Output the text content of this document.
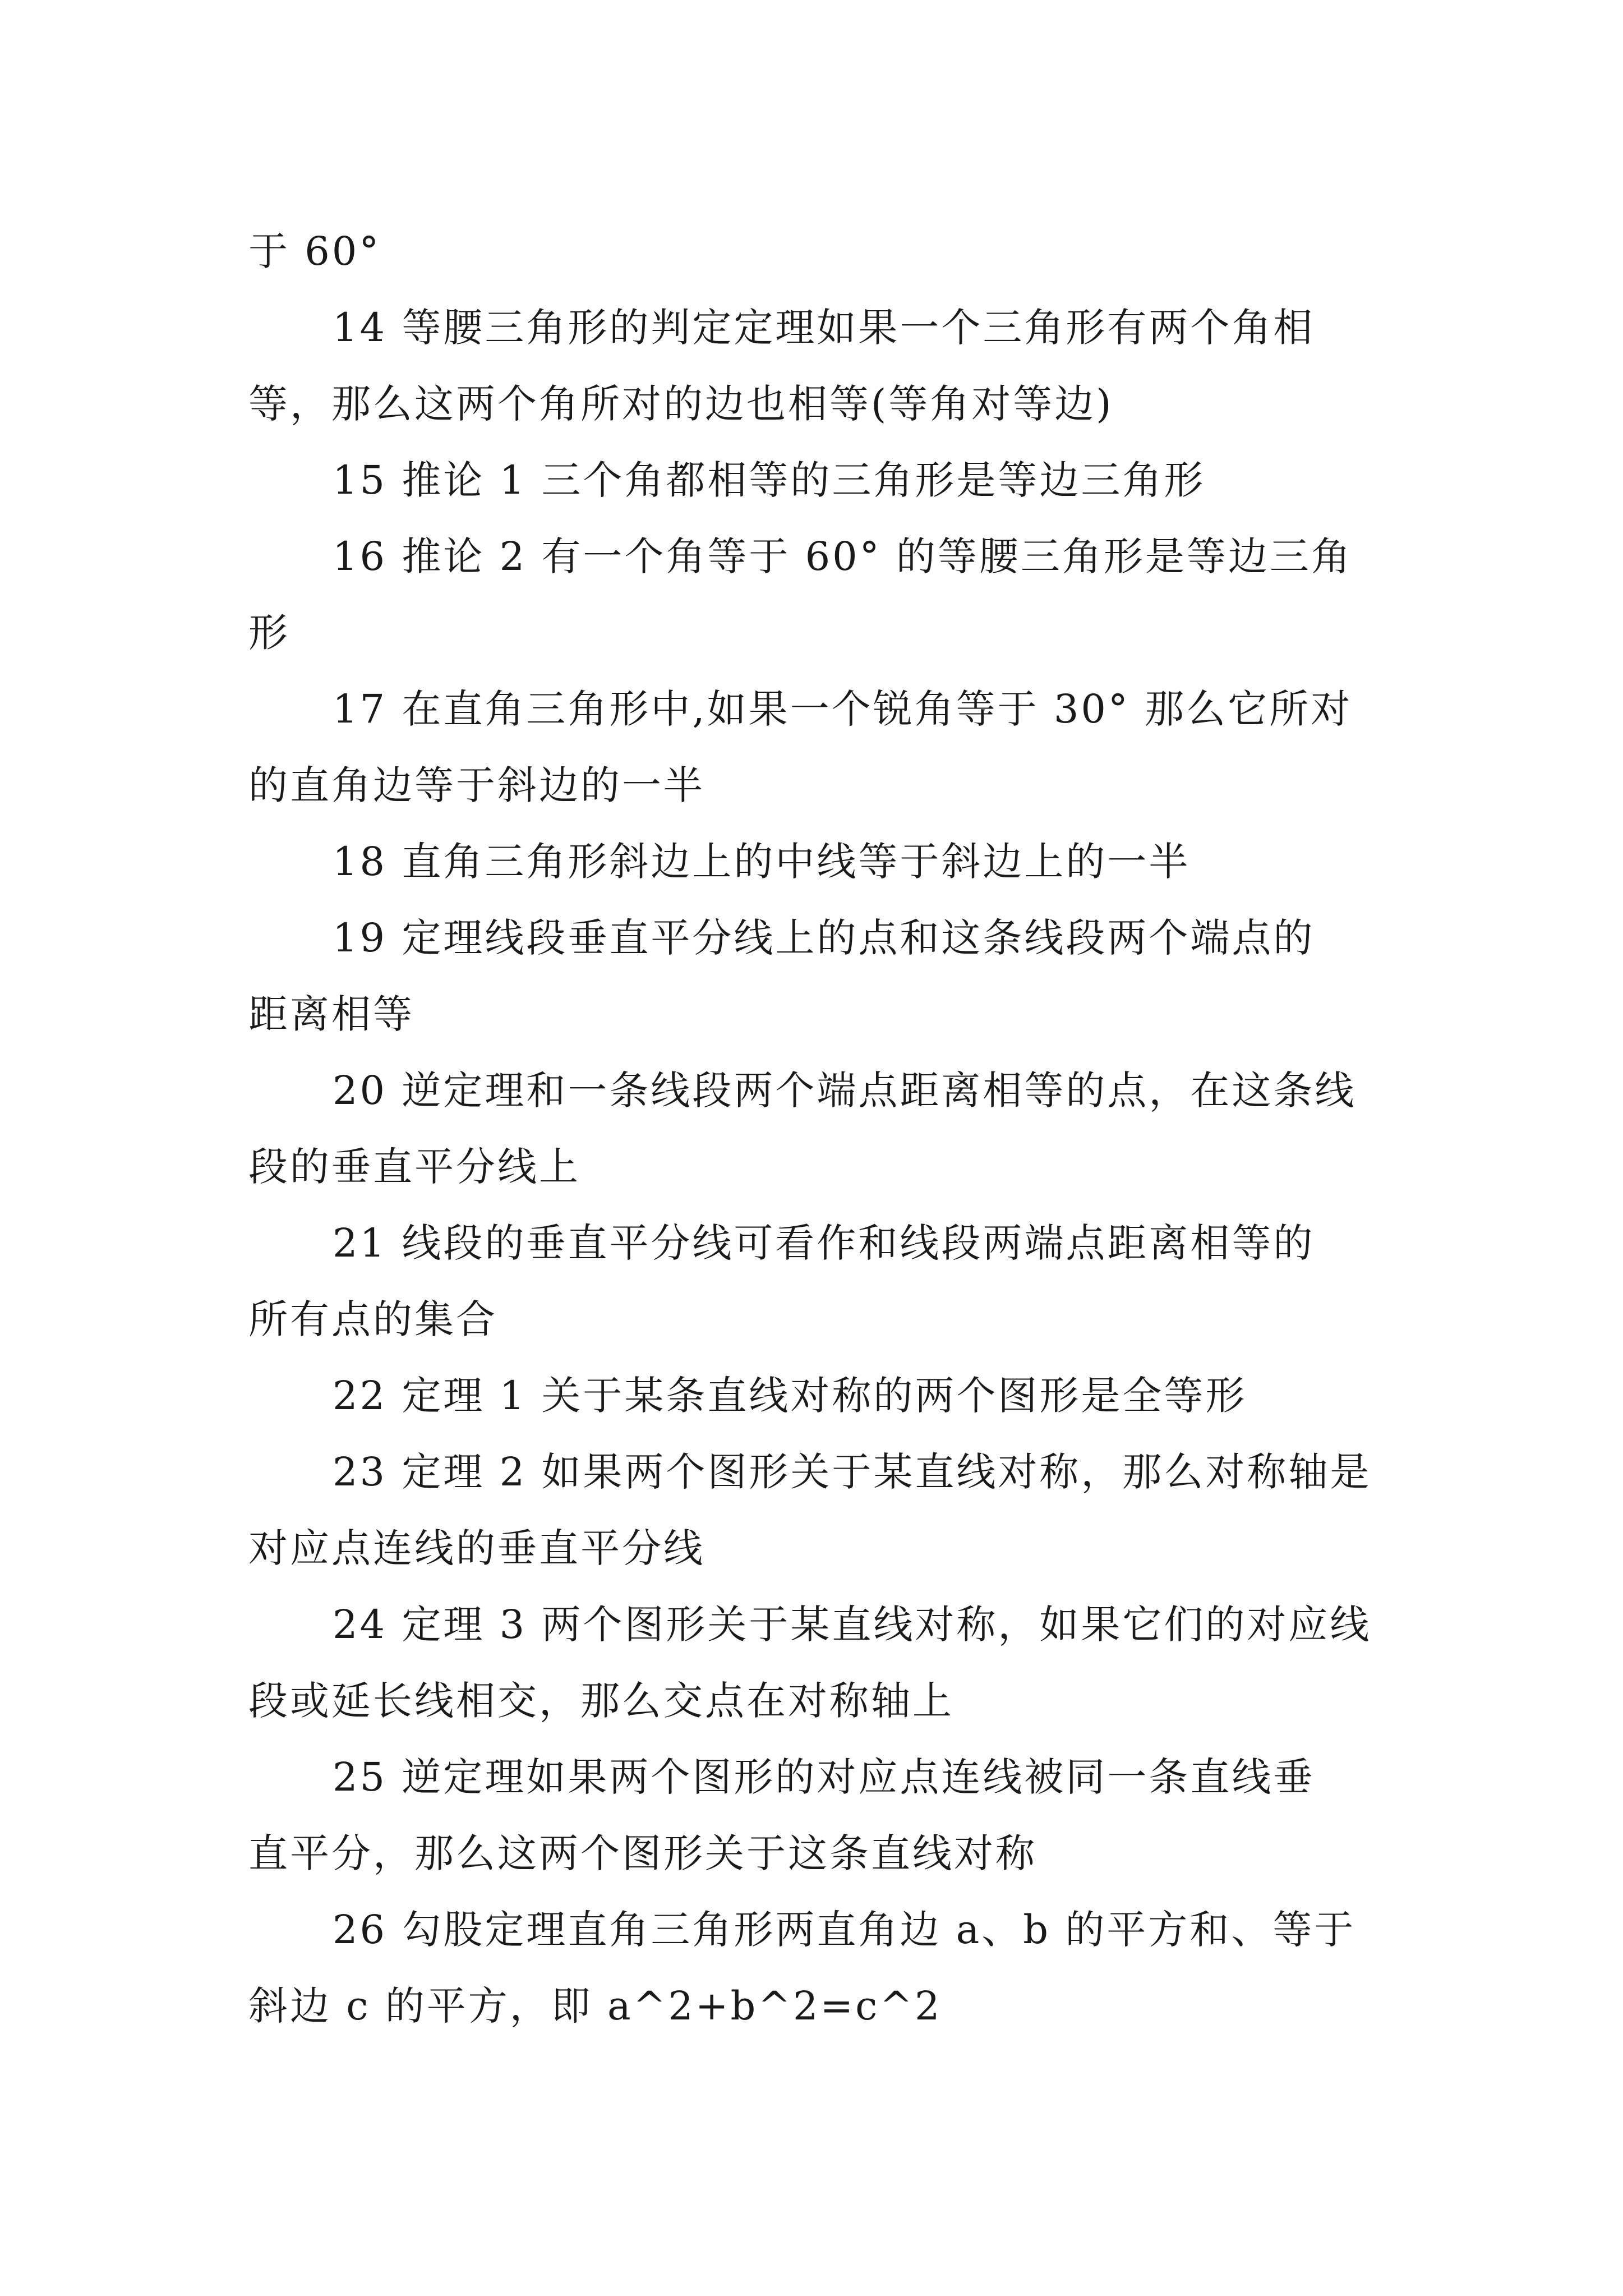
于 60°
14 等腰三角形的判定定理如果一个三角形有两个角相
等，那么这两个角所对的边也相等(等角对等边)
15 推论 1 三个角都相等的三角形是等边三角形
16 推论 2 有一个角等于 60° 的等腰三角形是等边三角
形
17 在直角三角形中,如果一个锐角等于 30° 那么它所对
的直角边等于斜边的一半
18 直角三角形斜边上的中线等于斜边上的一半
19 定理线段垂直平分线上的点和这条线段两个端点的
距离相等
20 逆定理和一条线段两个端点距离相等的点，在这条线
段的垂直平分线上
21 线段的垂直平分线可看作和线段两端点距离相等的
所有点的集合
22 定理 1 关于某条直线对称的两个图形是全等形
23 定理 2 如果两个图形关于某直线对称，那么对称轴是
对应点连线的垂直平分线
24 定理 3 两个图形关于某直线对称，如果它们的对应线
段或延长线相交，那么交点在对称轴上
25 逆定理如果两个图形的对应点连线被同一条直线垂
直平分，那么这两个图形关于这条直线对称
26 勾股定理直角三角形两直角边 a、b 的平方和、等于
斜边 c 的平方，即 a^2+b^2=c^2
